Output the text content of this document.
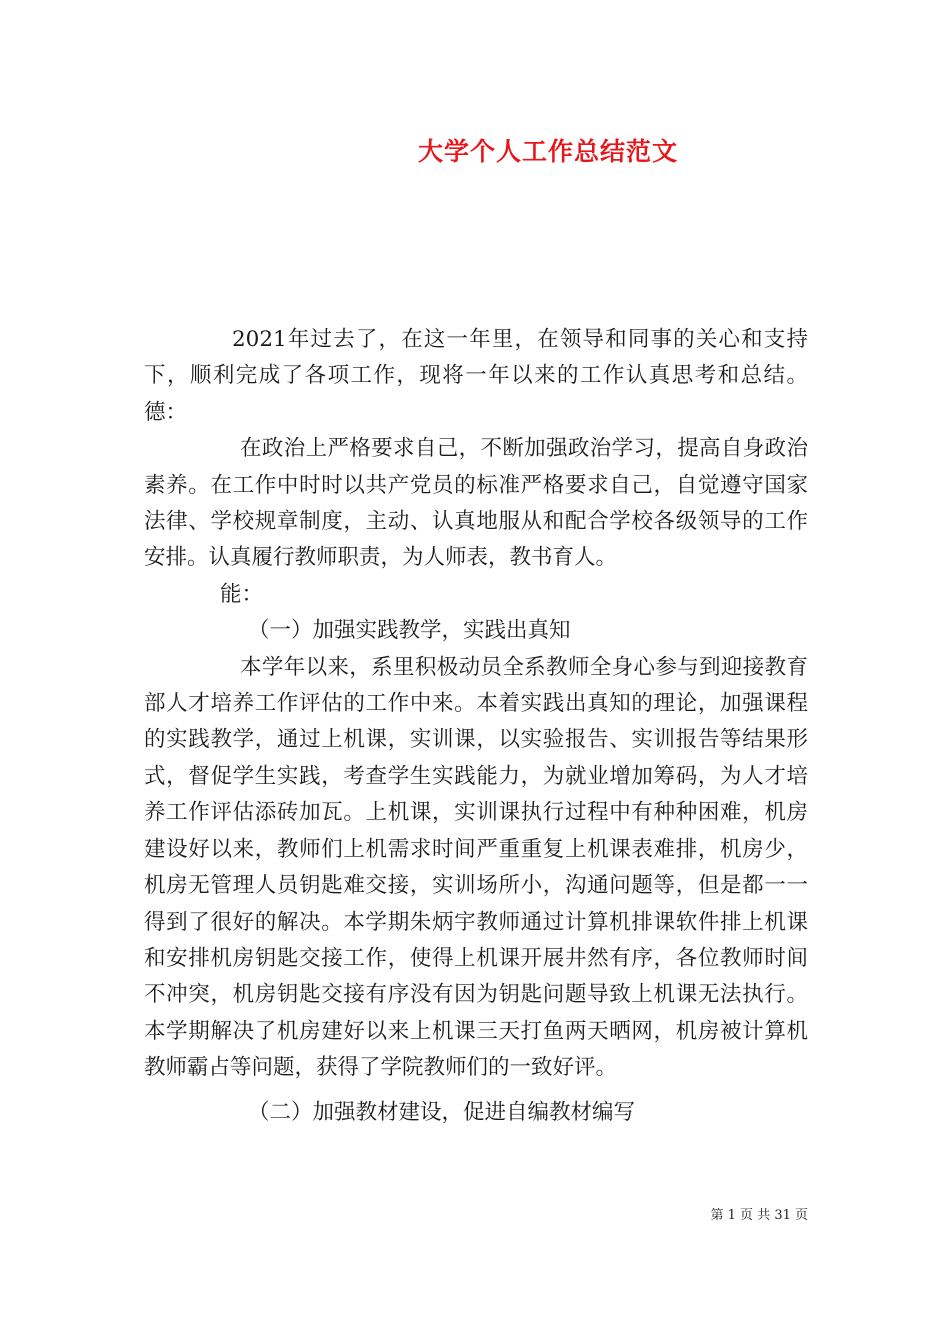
大学个人工作总结范文

2021年过去了，在这一年里，在领导和同事的关心和支持下，顺利完成了各项工作，现将一年以来的工作认真思考和总结。德：

在政治上严格要求自己，不断加强政治学习，提高自身政治素养。在工作中时时以共产党员的标准严格要求自己，自觉遵守国家法律、学校规章制度，主动、认真地服从和配合学校各级领导的工作安排。认真履行教师职责，为人师表，教书育人。

能：

（一）加强实践教学，实践出真知

本学年以来，系里积极动员全系教师全身心参与到迎接教育部人才培养工作评估的工作中来。本着实践出真知的理论，加强课程的实践教学，通过上机课，实训课，以实验报告、实训报告等结果形式，督促学生实践，考查学生实践能力，为就业增加筹码，为人才培养工作评估添砖加瓦。上机课，实训课执行过程中有种种困难，机房建设好以来，教师们上机需求时间严重重复上机课表难排，机房少，机房无管理人员钥匙难交接，实训场所小，沟通问题等，但是都一一得到了很好的解决。本学期朱炳宇教师通过计算机排课软件排上机课和安排机房钥匙交接工作，使得上机课开展井然有序，各位教师时间不冲突，机房钥匙交接有序没有因为钥匙问题导致上机课无法执行。本学期解决了机房建好以来上机课三天打鱼两天晒网，机房被计算机教师霸占等问题，获得了学院教师们的一致好评。

（二）加强教材建设，促进自编教材编写

第 1 页 共 31 页
